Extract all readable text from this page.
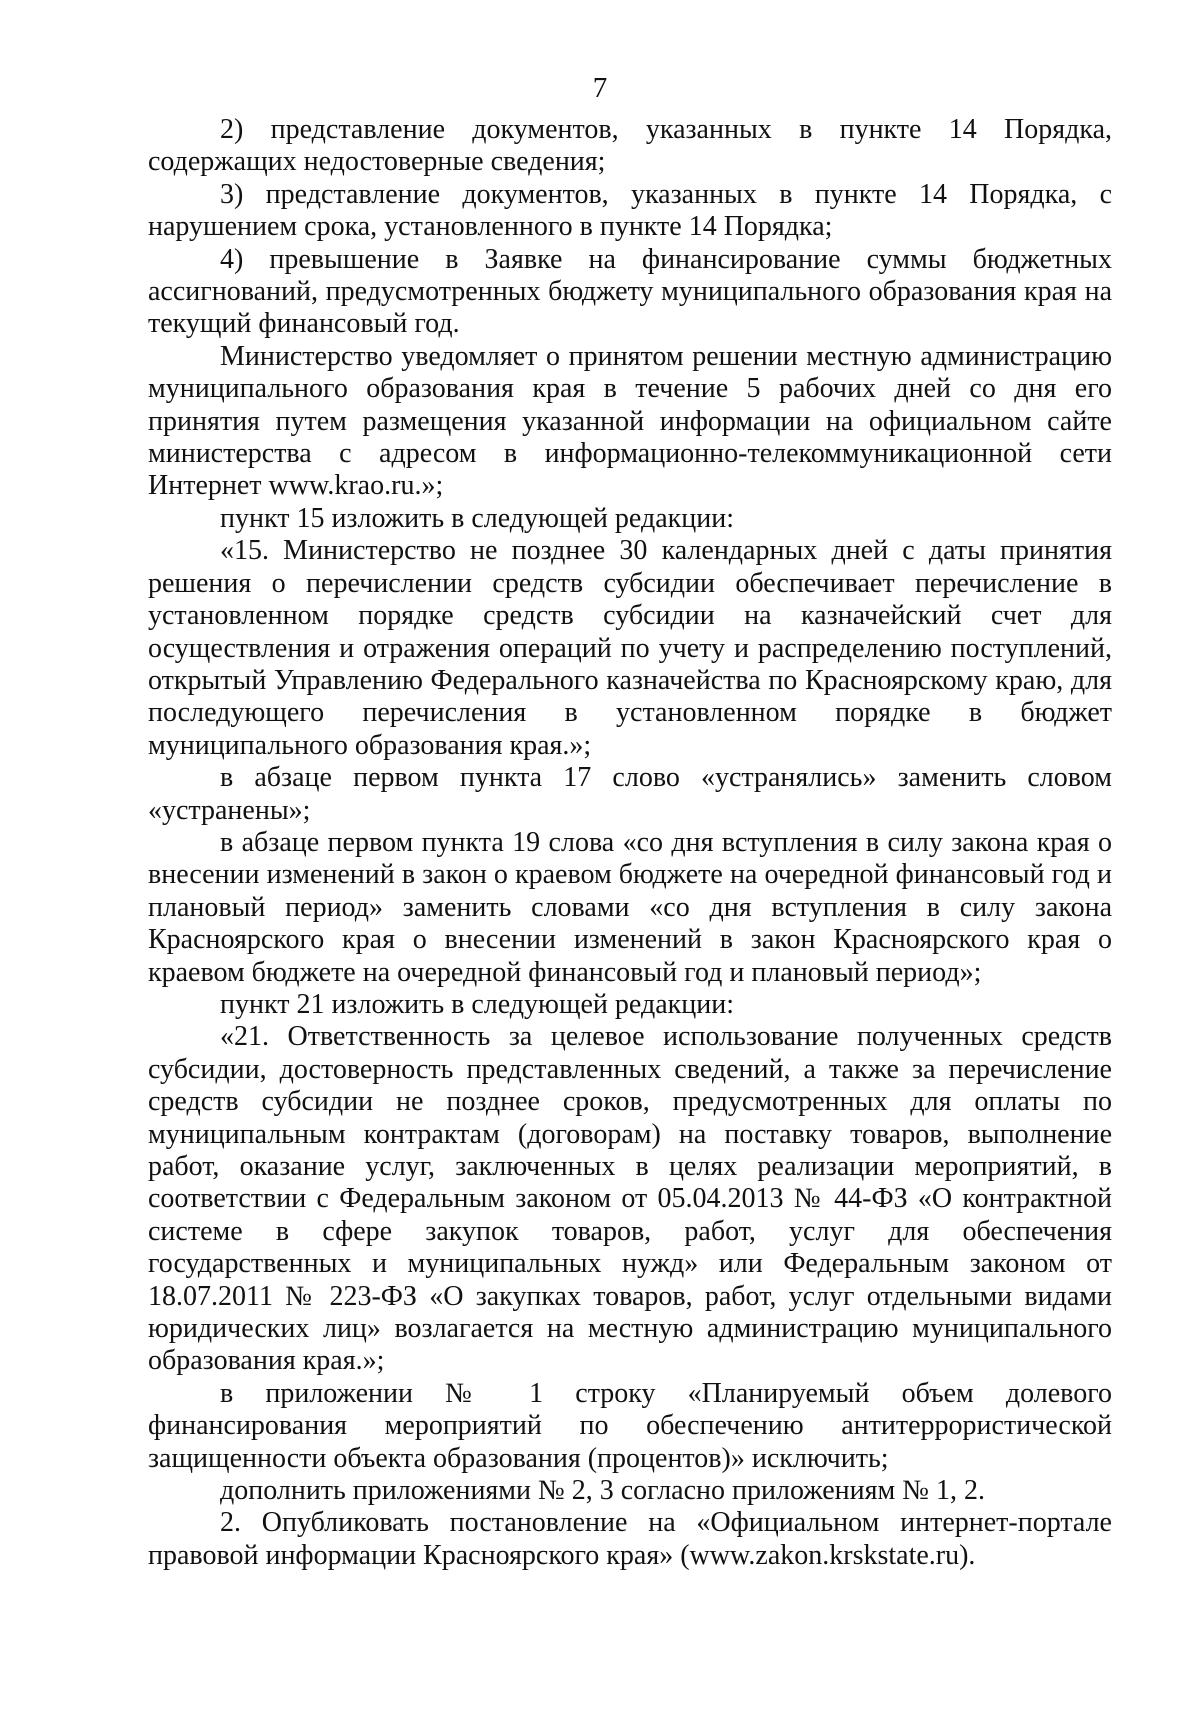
7

2) представление документов, указанных в пункте 14 Порядка, содержащих недостоверные сведения;

3) представление документов, указанных в пункте 14 Порядка, с нарушением срока, установленного в пункте 14 Порядка;

4) превышение в Заявке на финансирование суммы бюджетных ассигнований, предусмотренных бюджету муниципального образования края на текущий финансовый год.

Министерство уведомляет о принятом решении местную администрацию муниципального образования края в течение 5 рабочих дней со дня его принятия путем размещения указанной информации на официальном сайте министерства с адресом в информационно-телекоммуникационной сети Интернет www.krao.ru.»;

пункт 15 изложить в следующей редакции:

«15. Министерство не позднее 30 календарных дней с даты принятия решения о перечислении средств субсидии обеспечивает перечисление в установленном порядке средств субсидии на казначейский счет для осуществления и отражения операций по учету и распределению поступлений, открытый Управлению Федерального казначейства по Красноярскому краю, для последующего перечисления в установленном порядке в бюджет муниципального образования края.»;

в абзаце первом пункта 17 слово «устранялись» заменить словом «устранены»;

в абзаце первом пункта 19 слова «со дня вступления в силу закона края о внесении изменений в закон о краевом бюджете на очередной финансовый год и плановый период» заменить словами «со дня вступления в силу закона Красноярского края о внесении изменений в закон Красноярского края о краевом бюджете на очередной финансовый год и плановый период»;

пункт 21 изложить в следующей редакции:

«21. Ответственность за целевое использование полученных средств субсидии, достоверность представленных сведений, а также за перечисление средств субсидии не позднее сроков, предусмотренных для оплаты по муниципальным контрактам (договорам) на поставку товаров, выполнение работ, оказание услуг, заключенных в целях реализации мероприятий, в соответствии с Федеральным законом от 05.04.2013 № 44-ФЗ «О контрактной системе в сфере закупок товаров, работ, услуг для обеспечения государственных и муниципальных нужд» или Федеральным законом от 18.07.2011 № 223-ФЗ «О закупках товаров, работ, услуг отдельными видами юридических лиц» возлагается на местную администрацию муниципального образования края.»;

в приложении № 1 строку «Планируемый объем долевого финансирования мероприятий по обеспечению антитеррористической защищенности объекта образования (процентов)» исключить;

дополнить приложениями № 2, 3 согласно приложениям № 1, 2.

2. Опубликовать постановление на «Официальном интернет-портале правовой информации Красноярского края» (www.zakon.krskstate.ru).
